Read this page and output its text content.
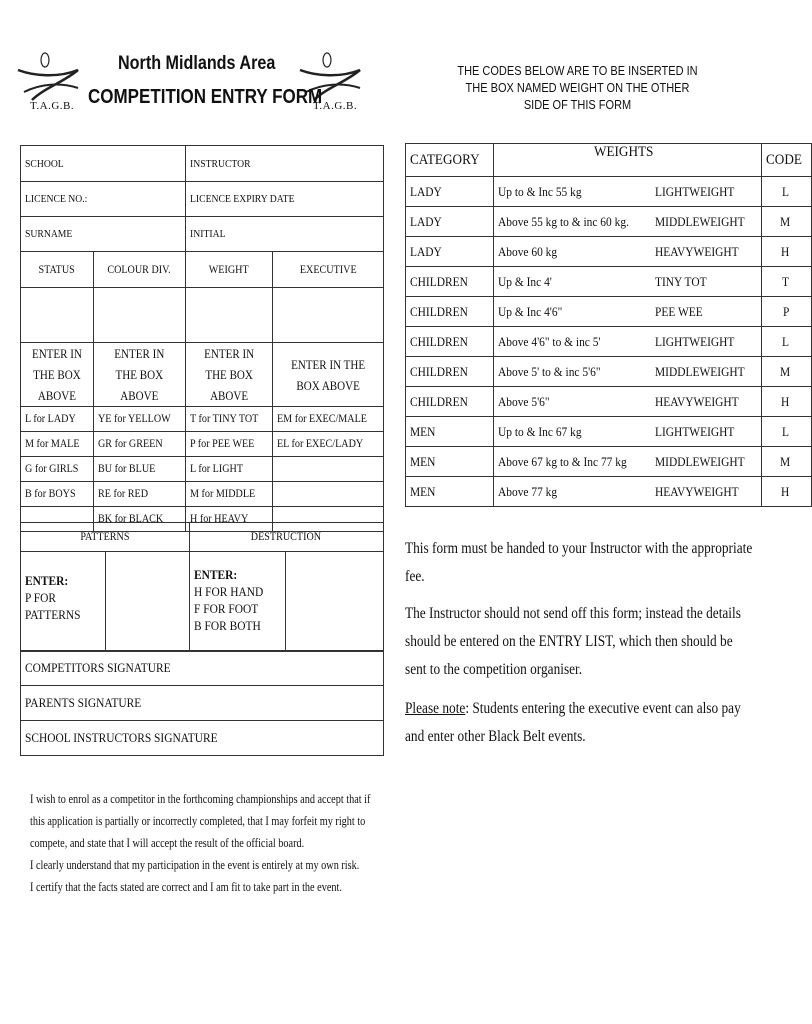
T.A.G.B.	T.A.G.B.
North Midlands Area
COMPETITION ENTRY FORM
THE CODES BELOW ARE TO BE INSERTED IN THE BOX NAMED WEIGHT ON THE OTHER SIDE OF THIS FORM
SCHOOL		INSTRUCTOR	
LICENCE NO.:		LICENCE EXPIRY DATE	
SURNAME		INITIAL	
STATUS	COLOUR DIV.	WEIGHT	EXECUTIVE

ENTER IN THE BOX ABOVE	ENTER IN THE BOX ABOVE	ENTER IN THE BOX ABOVE	ENTER IN THE BOX ABOVE
L for LADY	YE for YELLOW	T for TINY TOT	EM for EXEC/MALE
M for MALE	GR for GREEN	P for PEE WEE	EL for EXEC/LADY
G for GIRLS	BU for BLUE	L for LIGHT	
B for BOYS	RE for RED	M for MIDDLE	
	BK for BLACK	H for HEAVY	
PATTERNS		DESTRUCTION	
ENTER:
P FOR
PATTERNS		ENTER:
H FOR HAND
F FOR FOOT
B FOR BOTH	
COMPETITORS SIGNATURE
PARENTS SIGNATURE
SCHOOL INSTRUCTORS SIGNATURE
I wish to enrol as a competitor in the forthcoming championships and accept that if
this application is partially or incorrectly completed, that I may forfeit my right to
compete, and state that I will accept the result of the official board.
I clearly understand that my participation in the event is entirely at my own risk.
I certify that the facts stated are correct and I am fit to take part in the event.
CATEGORY	WEIGHTS		CODE
LADY	Up to & Inc 55 kg	LIGHTWEIGHT	L
LADY	Above 55 kg to & inc 60 kg.	MIDDLEWEIGHT	M
LADY	Above 60 kg	HEAVYWEIGHT	H
CHILDREN	Up & Inc 4'	TINY TOT	T
CHILDREN	Up & Inc 4'6"	PEE WEE	P
CHILDREN	Above 4'6" to & inc 5'	LIGHTWEIGHT	L
CHILDREN	Above 5' to & inc 5'6"	MIDDLEWEIGHT	M
CHILDREN	Above 5'6"	HEAVYWEIGHT	H
MEN	Up to & Inc 67 kg	LIGHTWEIGHT	L
MEN	Above 67 kg to & Inc 77 kg	MIDDLEWEIGHT	M
MEN	Above 77 kg	HEAVYWEIGHT	H
This form must be handed to your Instructor with the appropriate fee.
The Instructor should not send off this form; instead the details should be entered on the ENTRY LIST, which then should be sent to the competition organiser.
Please note: Students entering the executive event can also pay and enter other Black Belt events.
